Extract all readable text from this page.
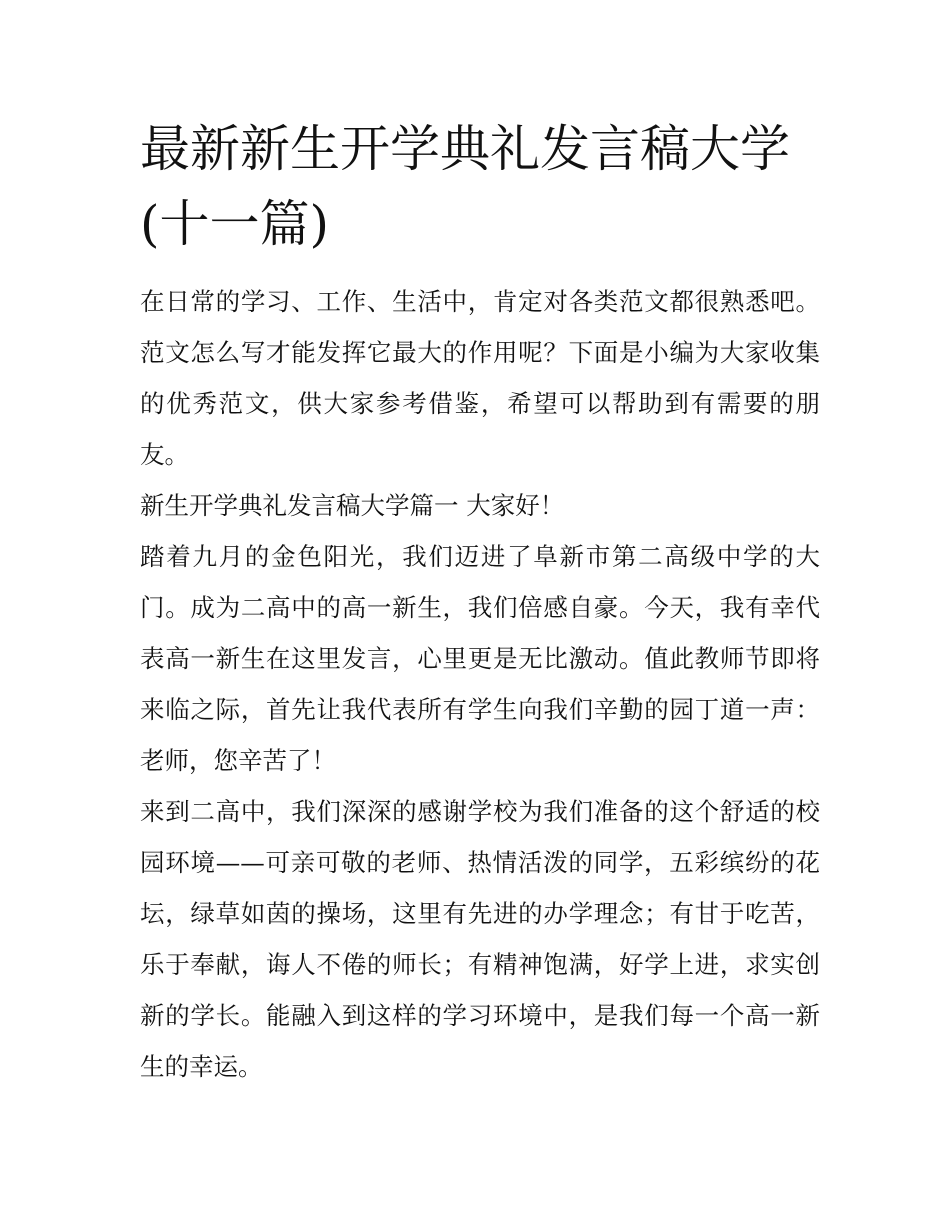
最新新生开学典礼发言稿大学(十一篇)

在日常的学习、工作、生活中，肯定对各类范文都很熟悉吧。范文怎么写才能发挥它最大的作用呢？下面是小编为大家收集的优秀范文，供大家参考借鉴，希望可以帮助到有需要的朋友。

新生开学典礼发言稿大学篇一 大家好！

踏着九月的金色阳光，我们迈进了阜新市第二高级中学的大门。成为二高中的高一新生，我们倍感自豪。今天，我有幸代表高一新生在这里发言，心里更是无比激动。值此教师节即将来临之际，首先让我代表所有学生向我们辛勤的园丁道一声：老师，您辛苦了！

来到二高中，我们深深的感谢学校为我们准备的这个舒适的校园环境——可亲可敬的老师、热情活泼的同学，五彩缤纷的花坛，绿草如茵的操场，这里有先进的办学理念；有甘于吃苦，乐于奉献，诲人不倦的师长；有精神饱满，好学上进，求实创新的学长。能融入到这样的学习环境中，是我们每一个高一新生的幸运。
